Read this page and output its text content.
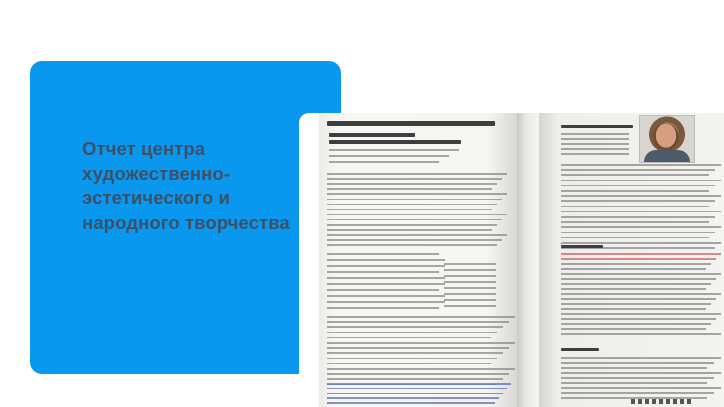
Отчет центра
художественно-
эстетического и
народного творчества
